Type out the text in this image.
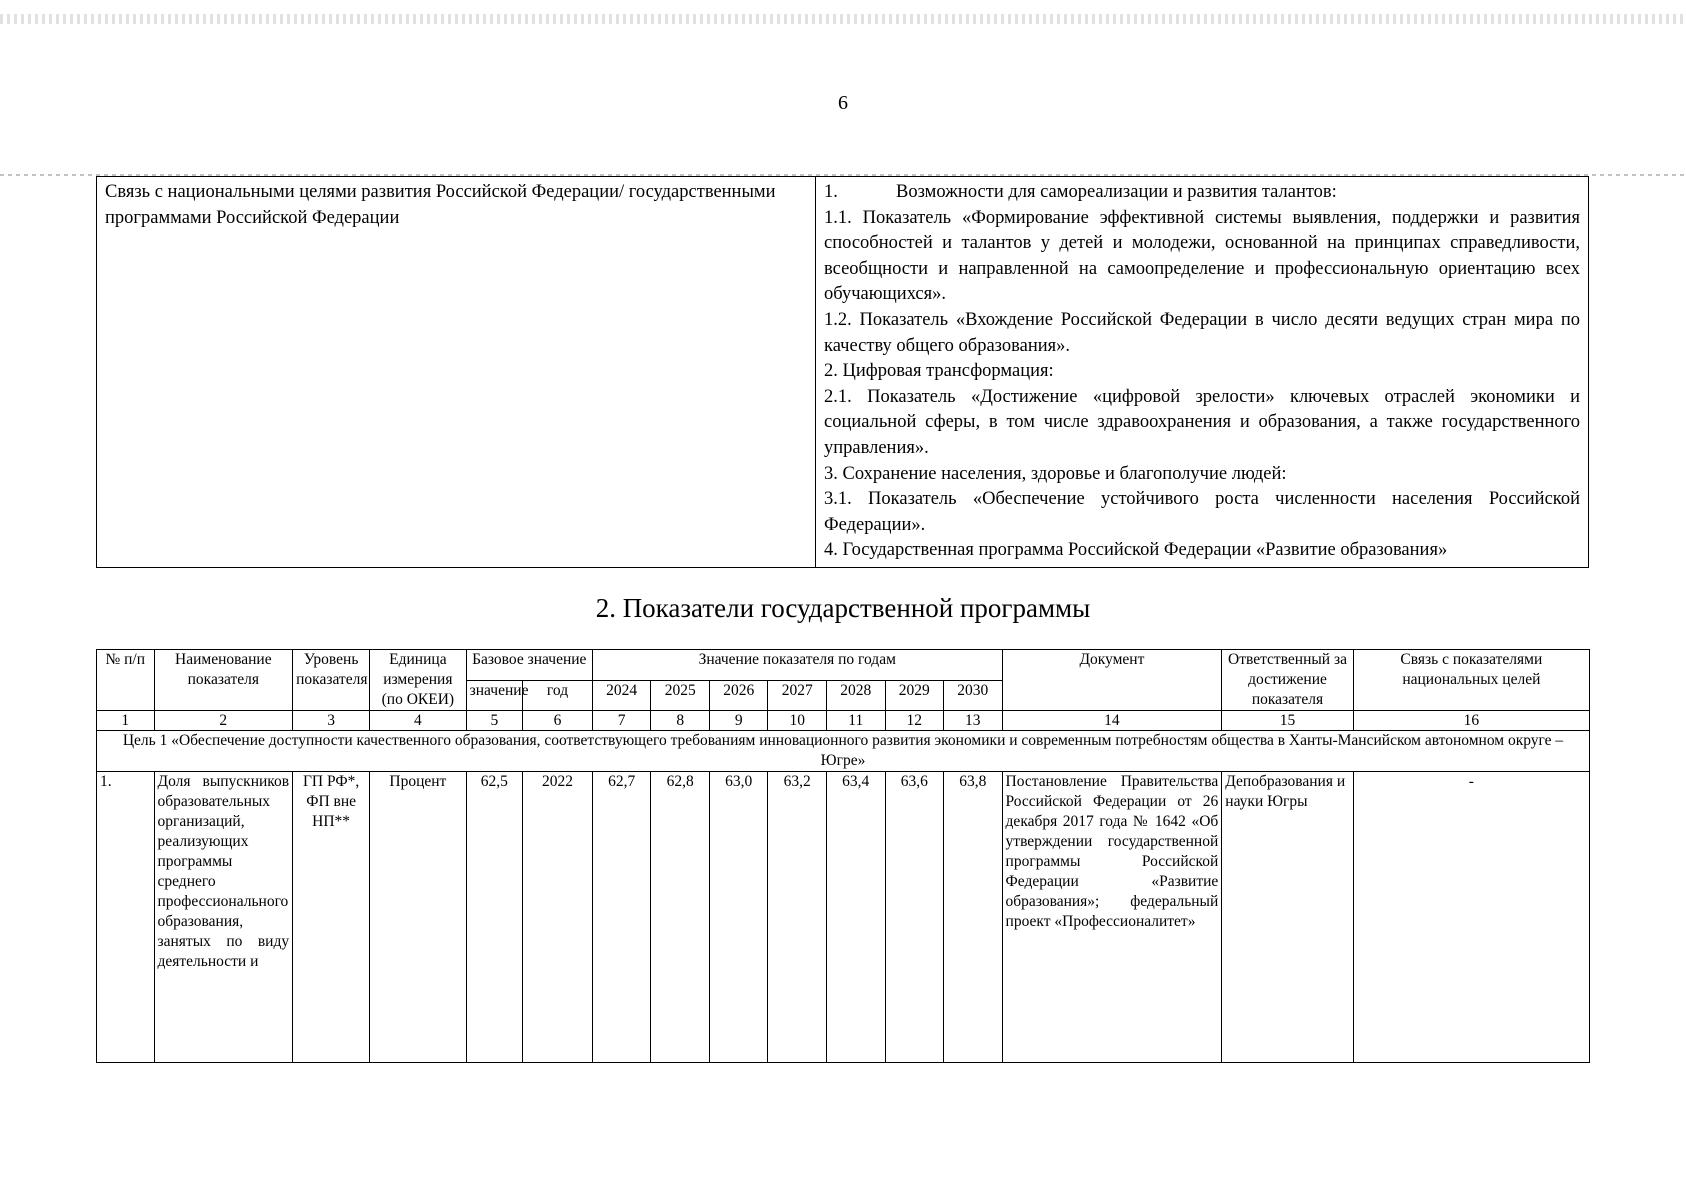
6
Связь с национальными целями развития Российской Федерации/ государственными программами Российской Федерации	

1.	Возможности для самореализации и развития талантов:

1.1. Показатель «Формирование эффективной системы выявления, поддержки и развития способностей и талантов у детей и молодежи, основанной на принципах справедливости, всеобщности и направленной на самоопределение и профессиональную ориентацию всех обучающихся».

1.2. Показатель «Вхождение Российской Федерации в число десяти ведущих стран мира по качеству общего образования».

2. Цифровая трансформация:

2.1. Показатель «Достижение «цифровой зрелости» ключевых отраслей экономики и социальной сферы, в том числе здравоохранения и образования, а также государственного управления».

3. Сохранение населения, здоровье и благополучие людей:

3.1. Показатель «Обеспечение устойчивого роста численности населения Российской Федерации».

4. Государственная программа Российской Федерации «Развитие образования»

2. Показатели государственной программы
№ п/п	Наименование показателя	Уровень показателя	Единица измерения (по ОКЕИ)	Базовое значение		Значение показателя по годам							Документ	Ответственный за достижение показателя	Связь с показателями национальных целей
				значение	год	2024	2025	2026	2027	2028	2029	2030			
1	2	3	4	5	6	7	8	9	10	11	12	13	14	15	16
Цель 1 «Обеспечение доступности качественного образования, соответствующего требованиям инновационного развития экономики и современным потребностям общества в Ханты-Мансийском автономном округе – Югре»															
1.	Доля выпускников образовательных организаций, реализующих программы среднего профессионального образования, занятых по виду деятельности и	ГП РФ*, ФП вне НП**	Процент	62,5	2022	62,7	62,8	63,0	63,2	63,4	63,6	63,8	Постановление Правительства Российской Федерации от 26 декабря 2017 года № 1642 «Об утверждении государственной программы Российской Федерации «Развитие образования»; федеральный проект «Профессионалитет»	Депобразования и науки Югры	-
